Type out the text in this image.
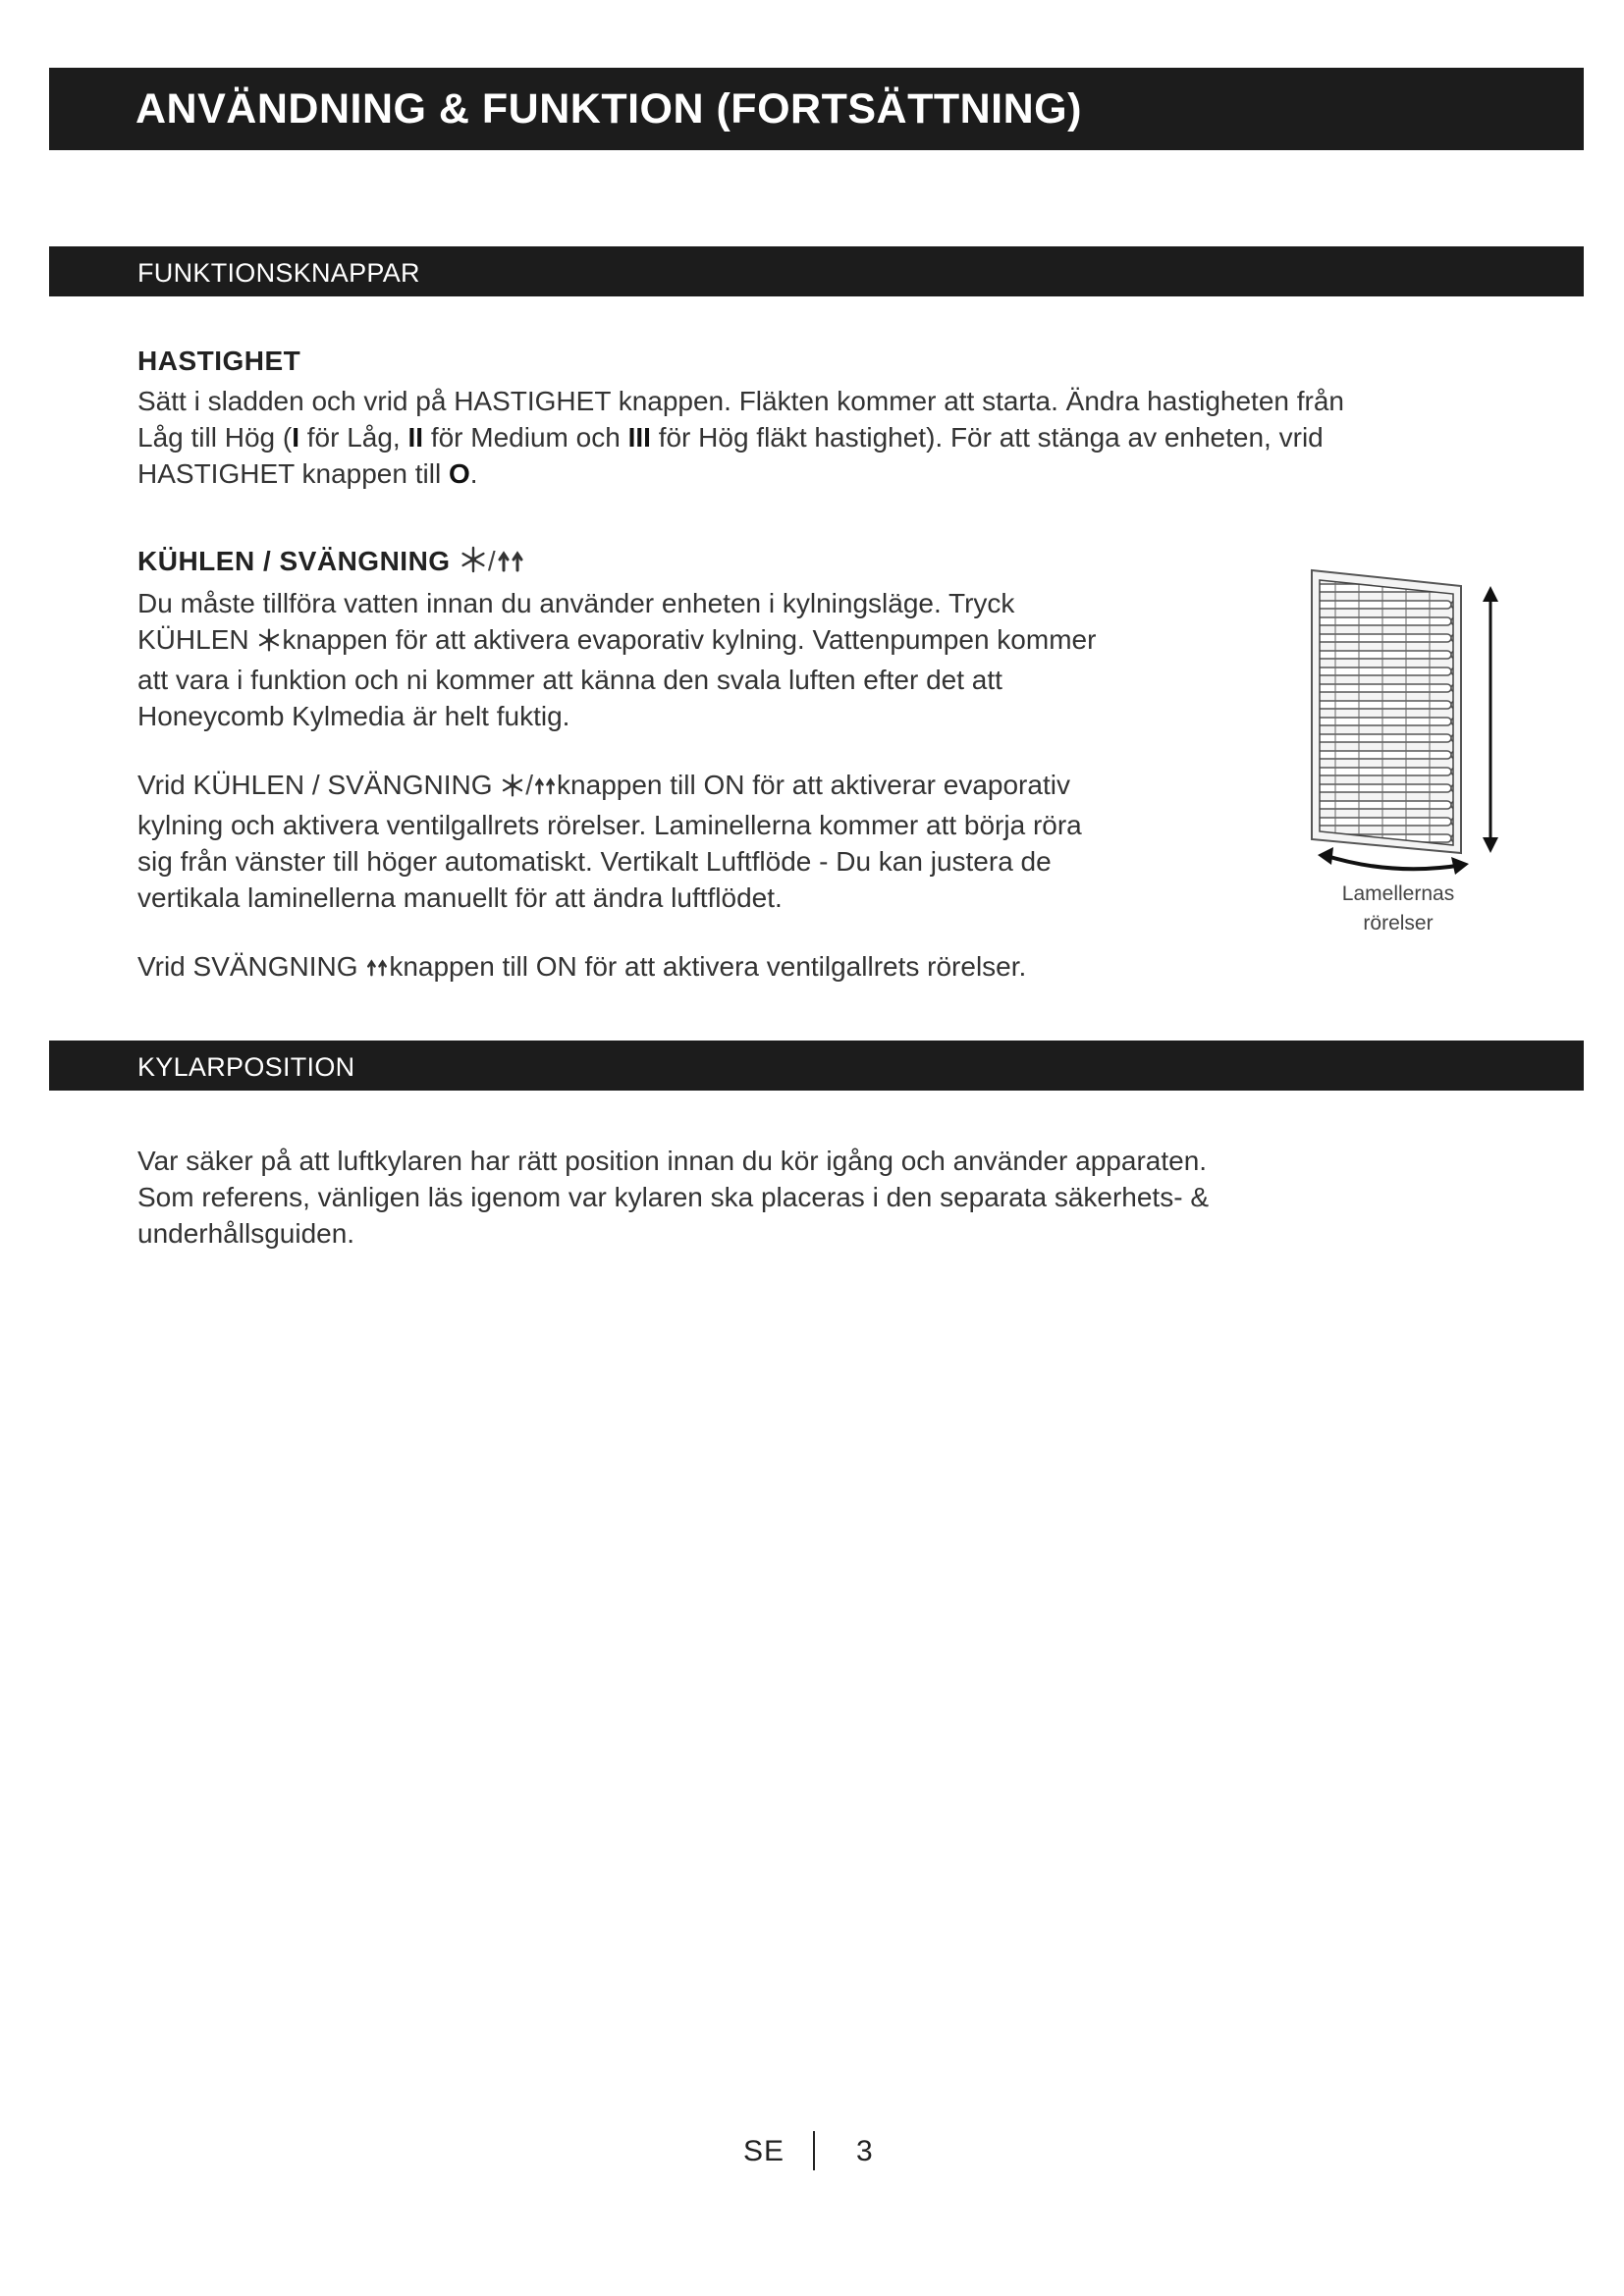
ANVÄNDNING & FUNKTION (FORTSÄTTNING)
FUNKTIONSKNAPPAR
HASTIGHET

Sätt i sladden och vrid på HASTIGHET knappen. Fläkten kommer att starta. Ändra hastigheten från
Låg till Hög (I för Låg, II för Medium och III för Hög fläkt hastighet). För att stänga av enheten, vrid
HASTIGHET knappen till O.

KÜHLEN / SVÄNGNING /

Du måste tillföra vatten innan du använder enheten i kylningsläge. Tryck
KÜHLEN knappen för att aktivera evaporativ kylning. Vattenpumpen kommer
att vara i funktion och ni kommer att känna den svala luften efter det att
Honeycomb Kylmedia är helt fuktig.

Vrid KÜHLEN / SVÄNGNING / knappen till ON för att aktiverar evaporativ
kylning och aktivera ventilgallrets rörelser. Laminellerna kommer att börja röra
sig från vänster till höger automatiskt. Vertikalt Luftflöde - Du kan justera de
vertikala laminellerna manuellt för att ändra luftflödet.

Vrid SVÄNGNING knappen till ON för att aktivera ventilgallrets rörelser.

Lamellernas
rörelser
KYLARPOSITION

Var säker på att luftkylaren har rätt position innan du kör igång och använder apparaten.
Som referens, vänligen läs igenom var kylaren ska placeras i den separata säkerhets- &
underhållsguiden.

SE 3
